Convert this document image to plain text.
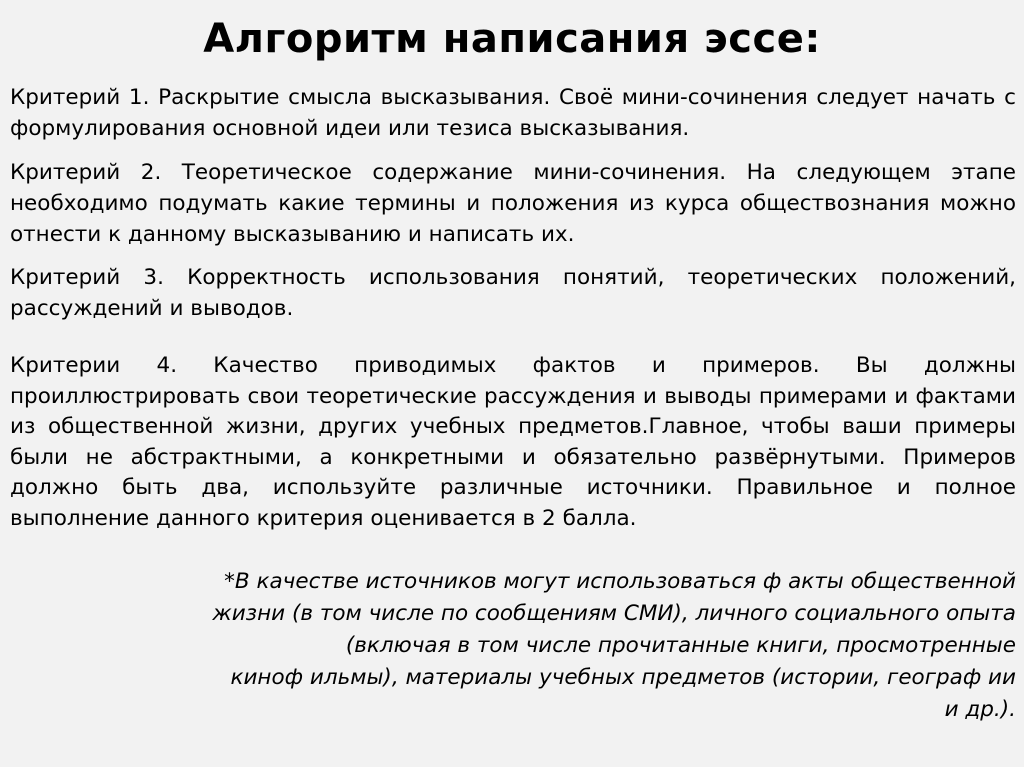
Алгоритм написания эссе:
Критерий 1. Раскрытие смысла высказывания. Своё мини-сочинения следует начать с формулирования основной идеи или тезиса высказывания.
Критерий 2. Теоретическое содержание мини-сочинения. На следующем этапе необходимо подумать какие термины и положения из курса обществознания можно отнести к данному высказыванию и написать их.
Критерий 3. Корректность использования понятий, теоретических положений, рассуждений и выводов.
Критерии 4. Качество приводимых фактов и примеров. Вы должны проиллюстрировать свои теоретические рассуждения и выводы примерами и фактами из общественной жизни, других учебных предметов.Главное, чтобы ваши примеры были не абстрактными, а конкретными и обязательно развёрнутыми. Примеров должно быть два, используйте различные источники. Правильное и полное выполнение данного критерия оценивается в 2 балла.
*В качестве источников могут использоваться ф акты общественной
жизни (в том числе по сообщениям СМИ), личного социального опыта
(включая в том числе прочитанные книги, просмотренные
киноф ильмы), материалы учебных предметов (истории, географ ии
и др.).
